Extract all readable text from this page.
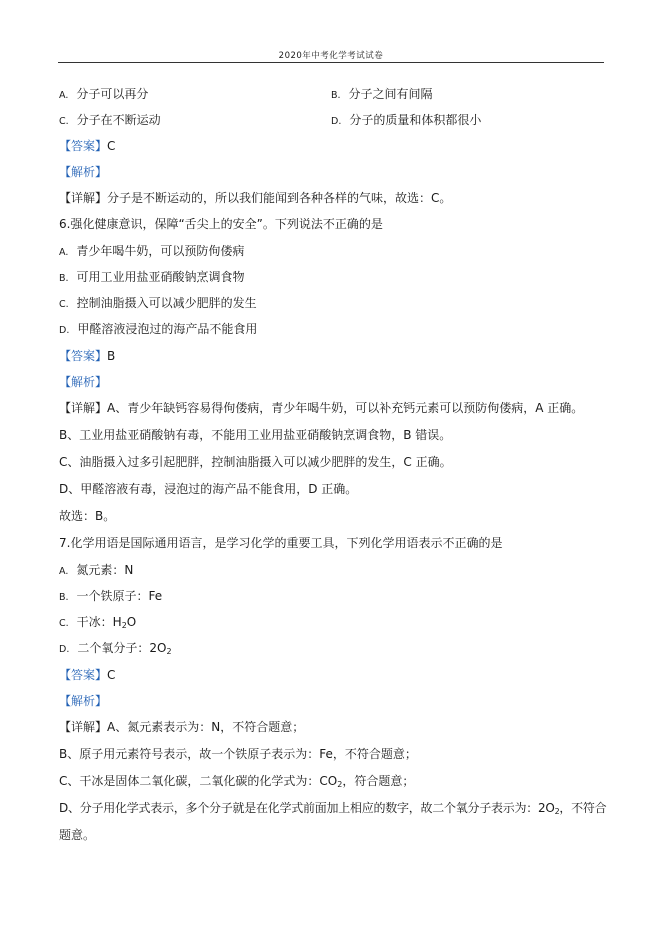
2020年中考化学考试试卷
A. 分子可以再分	B. 分子之间有间隔
C. 分子在不断运动	D. 分子的质量和体积都很小
【答案】C
【解析】
【详解】分子是不断运动的，所以我们能闻到各种各样的气味，故选：C。
6.强化健康意识，保障“舌尖上的安全”。下列说法不正确的是
A. 青少年喝牛奶，可以预防佝偻病
B. 可用工业用盐亚硝酸钠烹调食物
C. 控制油脂摄入可以减少肥胖的发生
D. 甲醛溶液浸泡过的海产品不能食用
【答案】B
【解析】
【详解】A、青少年缺钙容易得佝偻病，青少年喝牛奶，可以补充钙元素可以预防佝偻病，A 正确。
B、工业用盐亚硝酸钠有毒，不能用工业用盐亚硝酸钠烹调食物，B 错误。
C、油脂摄入过多引起肥胖，控制油脂摄入可以减少肥胖的发生，C 正确。
D、甲醛溶液有毒，浸泡过的海产品不能食用，D 正确。
故选：B。
7.化学用语是国际通用语言，是学习化学的重要工具，下列化学用语表示不正确的是
A. 氮元素：N
B. 一个铁原子：Fe
C. 干冰：$H_2O$
D. 二个氧分子：$2O_2$
【答案】C
【解析】
【详解】A、氮元素表示为：N，不符合题意；
B、原子用元素符号表示，故一个铁原子表示为：Fe，不符合题意；
C、干冰是固体二氧化碳，二氧化碳的化学式为：$CO_2$，符合题意；
D、分子用化学式表示，多个分子就是在化学式前面加上相应的数字，故二个氧分子表示为：$2O_2$，不符合
题意。
